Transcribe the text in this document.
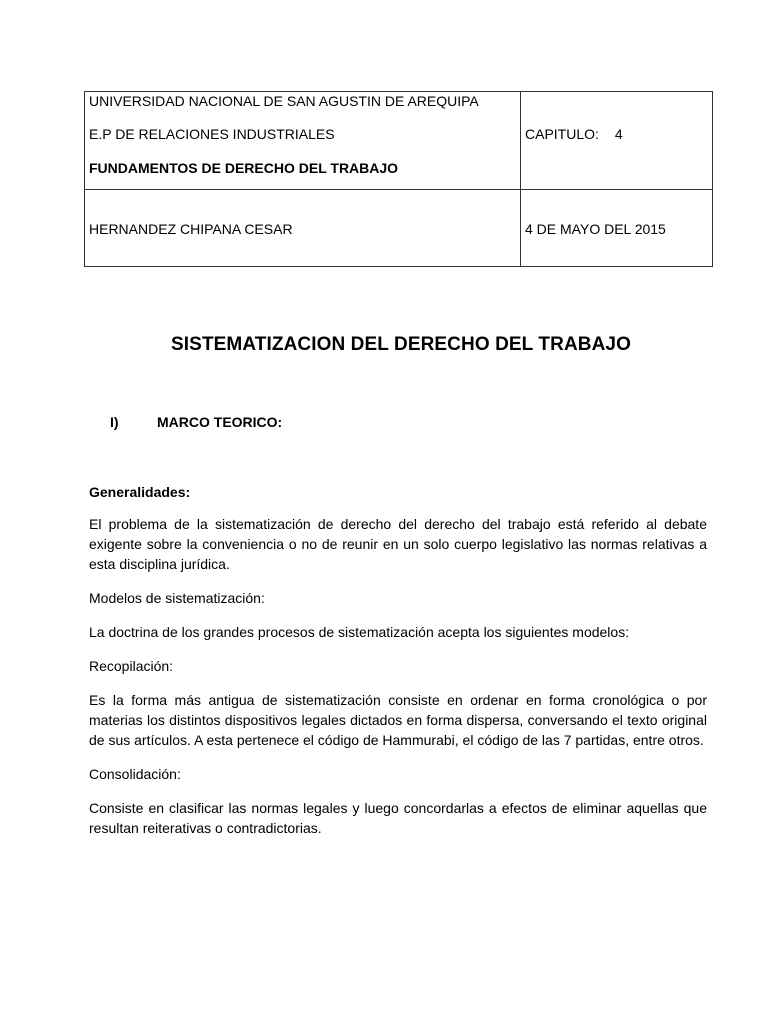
UNIVERSIDAD NACIONAL DE SAN AGUSTIN DE AREQUIPA
E.P DE RELACIONES INDUSTRIALES
FUNDAMENTOS DE DERECHO DEL TRABAJO	CAPITULO: 4

HERNANDEZ CHIPANA CESAR	4 DE MAYO DEL 2015
SISTEMATIZACION DEL DERECHO DEL TRABAJO
I)	MARCO TEORICO:

Generalidades:

El problema de la sistematización de derecho del derecho del trabajo está referido al debate exigente sobre la conveniencia o no de reunir en un solo cuerpo legislativo las normas relativas a esta disciplina jurídica.

Modelos de sistematización:

La doctrina de los grandes procesos de sistematización acepta los siguientes modelos:

Recopilación:

Es la forma más antigua de sistematización consiste en ordenar en forma cronológica o por materias los distintos dispositivos legales dictados en forma dispersa, conversando el texto original de sus artículos. A esta pertenece el código de Hammurabi, el código de las 7 partidas, entre otros.

Consolidación:

Consiste en clasificar las normas legales y luego concordarlas a efectos de eliminar aquellas que resultan reiterativas o contradictorias.
